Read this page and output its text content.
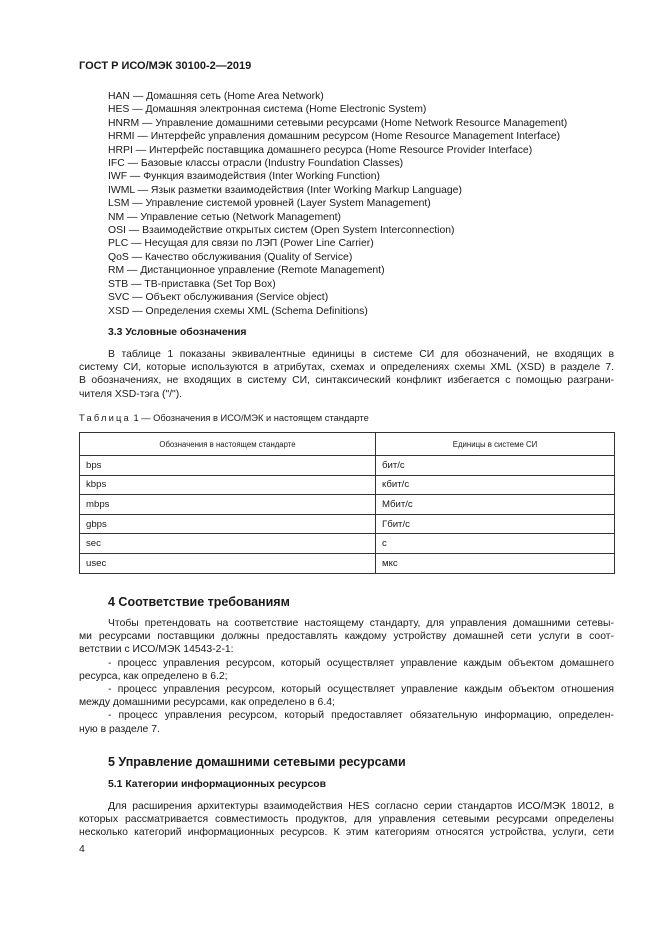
ГОСТ Р ИСО/МЭК 30100-2—2019
HAN — Домашняя сеть (Home Area Network)
HES — Домашняя электронная система (Home Electronic System)
HNRM — Управление домашними сетевыми ресурсами (Home Network Resource Management)
HRMI — Интерфейс управления домашним ресурсом (Home Resource Management Interface)
HRPI — Интерфейс поставщика домашнего ресурса (Home Resource Provider Interface)
IFC — Базовые классы отрасли (Industry Foundation Classes)
IWF — Функция взаимодействия (Inter Working Function)
IWML — Язык разметки взаимодействия (Inter Working Markup Language)
LSM — Управление системой уровней (Layer System Management)
NM — Управление сетью (Network Management)
OSI — Взаимодействие открытых систем (Open System Interconnection)
PLC — Несущая для связи по ЛЭП (Power Line Carrier)
QoS — Качество обслуживания (Quality of Service)
RM — Дистанционное управление (Remote Management)
STB — ТВ-приставка (Set Top Box)
SVC — Объект обслуживания (Service object)
XSD — Определения схемы XML (Schema Definitions)
3.3 Условные обозначения
В таблице 1 показаны эквивалентные единицы в системе СИ для обозначений, не входящих в
систему СИ, которые используются в атрибутах, схемах и определениях схемы XML (XSD) в разделе 7.
В обозначениях, не входящих в систему СИ, синтаксический конфликт избегается с помощью разграни-
чителя XSD-тэга ("/").
Таблица 1 — Обозначения в ИСО/МЭК и настоящем стандарте
Обозначения в настоящем стандарте	Единицы в системе СИ
bps	бит/с
kbps	кбит/с
mbps	Мбит/с
gbps	Гбит/с
sec	с
usec	мкс
4 Соответствие требованиям
Чтобы претендовать на соответствие настоящему стандарту, для управления домашними сетевы-
ми ресурсами поставщики должны предоставлять каждому устройству домашней сети услуги в соот-
ветствии с ИСО/МЭК 14543-2-1:
- процесс управления ресурсом, который осуществляет управление каждым объектом домашнего
ресурса, как определено в 6.2;
- процесс управления ресурсом, который осуществляет управление каждым объектом отношения
между домашними ресурсами, как определено в 6.4;
- процесс управления ресурсом, который предоставляет обязательную информацию, определен-
ную в разделе 7.
5 Управление домашними сетевыми ресурсами
5.1 Категории информационных ресурсов
Для расширения архитектуры взаимодействия HES согласно серии стандартов ИСО/МЭК 18012, в
которых рассматривается совместимость продуктов, для управления сетевыми ресурсами определены
несколько категорий информационных ресурсов. К этим категориям относятся устройства, услуги, сети
4
